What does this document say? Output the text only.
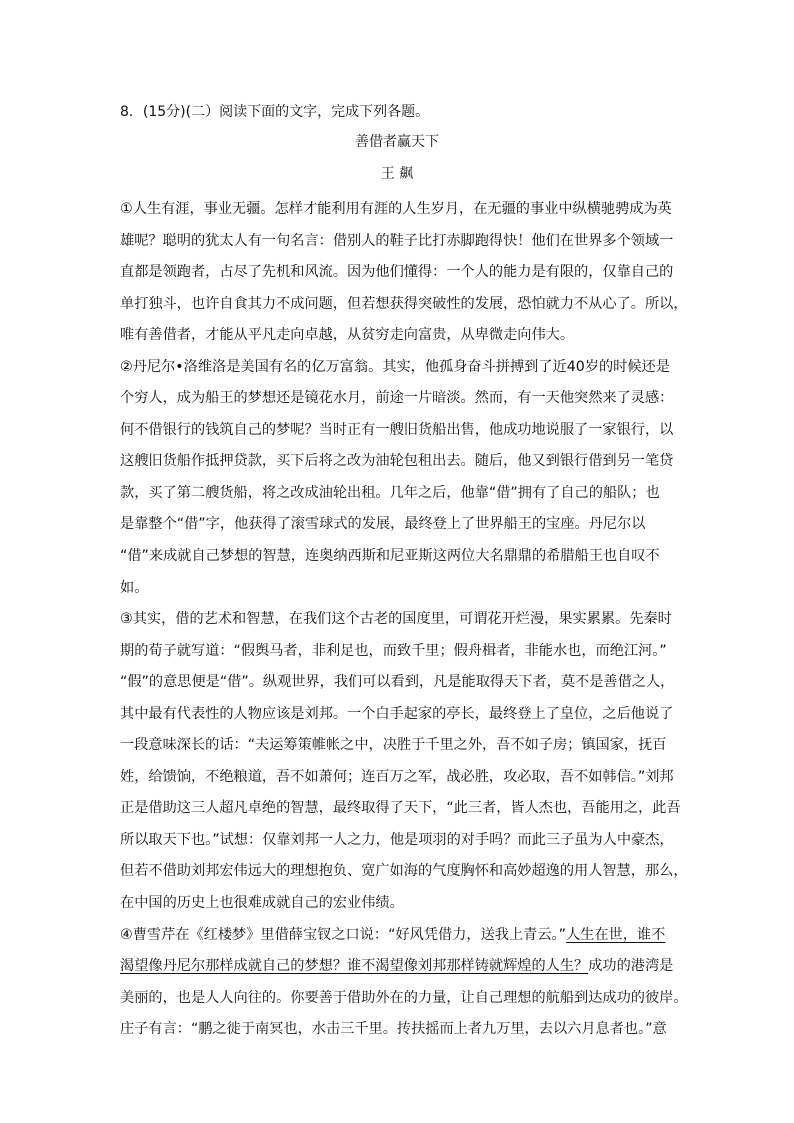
8．(15分)(二）阅读下面的文字，完成下列各题。
善借者赢天下
王 飙
①人生有涯，事业无疆。怎样才能利用有涯的人生岁月，在无疆的事业中纵横驰骋成为英
雄呢？聪明的犹太人有一句名言：借别人的鞋子比打赤脚跑得快！他们在世界多个领域一
直都是领跑者，占尽了先机和风流。因为他们懂得：一个人的能力是有限的，仅靠自己的
单打独斗，也许自食其力不成问题，但若想获得突破性的发展，恐怕就力不从心了。所以，
唯有善借者，才能从平凡走向卓越，从贫穷走向富贵，从卑微走向伟大。
②丹尼尔•洛维洛是美国有名的亿万富翁。其实，他孤身奋斗拼搏到了近40岁的时候还是
个穷人，成为船王的梦想还是镜花水月，前途一片暗淡。然而，有一天他突然来了灵感：
何不借银行的钱筑自己的梦呢？当时正有一艘旧货船出售，他成功地说服了一家银行，以
这艘旧货船作抵押贷款，买下后将之改为油轮包租出去。随后，他又到银行借到另一笔贷
款，买了第二艘货船，将之改成油轮出租。几年之后，他靠“借”拥有了自己的船队；也
是靠整个“借”字，他获得了滚雪球式的发展，最终登上了世界船王的宝座。丹尼尔以
“借”来成就自己梦想的智慧，连奥纳西斯和尼亚斯这两位大名鼎鼎的希腊船王也自叹不
如。
③其实，借的艺术和智慧，在我们这个古老的国度里，可谓花开烂漫，果实累累。先秦时
期的荀子就写道：“假舆马者，非利足也，而致千里；假舟楫者，非能水也，而绝江河。”
“假”的意思便是“借”。纵观世界，我们可以看到，凡是能取得天下者，莫不是善借之人，
其中最有代表性的人物应该是刘邦。一个白手起家的亭长，最终登上了皇位，之后他说了
一段意味深长的话：“夫运筹策帷帐之中，决胜于千里之外，吾不如子房；镇国家，抚百
姓，给馈饷，不绝粮道，吾不如萧何；连百万之军，战必胜，攻必取，吾不如韩信。”刘邦
正是借助这三人超凡卓绝的智慧，最终取得了天下，“此三者，皆人杰也，吾能用之，此吾
所以取天下也。”试想：仅靠刘邦一人之力，他是项羽的对手吗？而此三子虽为人中豪杰，
但若不借助刘邦宏伟远大的理想抱负、宽广如海的气度胸怀和高妙超逸的用人智慧，那么，
在中国的历史上也很难成就自己的宏业伟绩。
④曹雪芹在《红楼梦》里借薛宝钗之口说：“好风凭借力，送我上青云。”人生在世，谁不
渴望像丹尼尔那样成就自己的梦想？谁不渴望像刘邦那样铸就辉煌的人生？成功的港湾是
美丽的，也是人人向往的。你要善于借助外在的力量，让自己理想的航船到达成功的彼岸。
庄子有言：“鹏之徙于南冥也，水击三千里。抟扶摇而上者九万里，去以六月息者也。”意
